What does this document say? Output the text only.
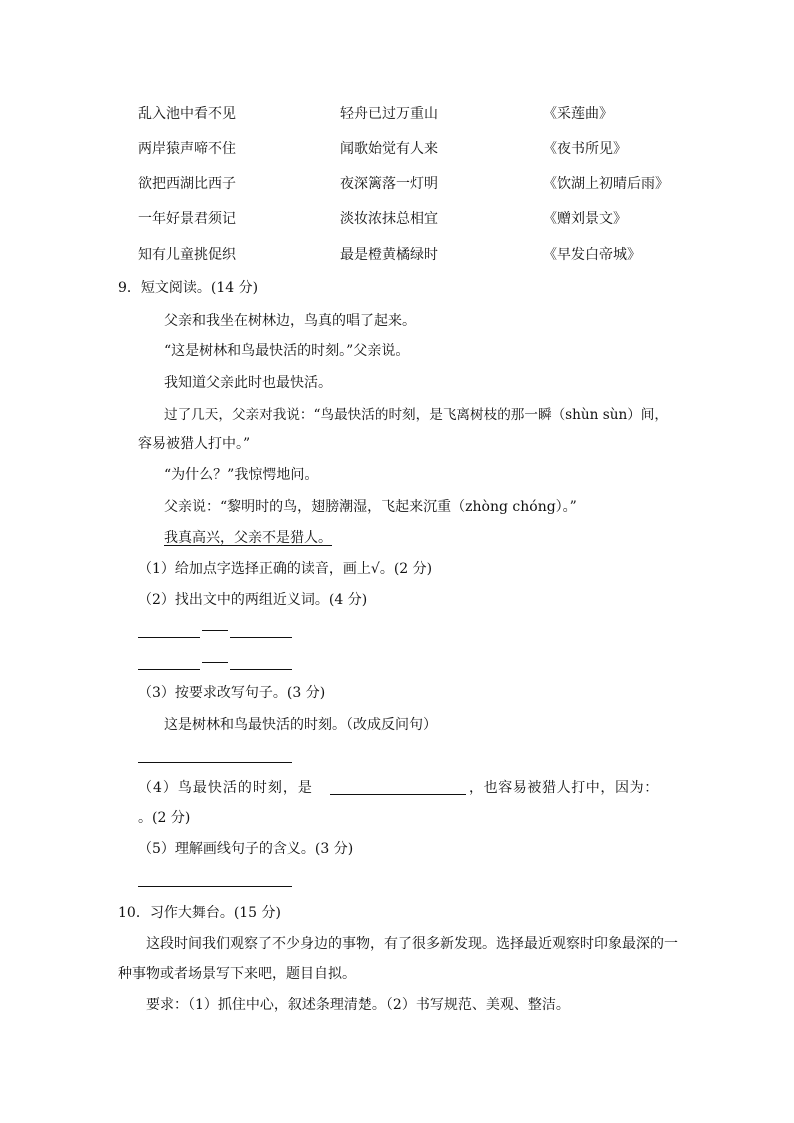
乱入池中看不见	轻舟已过万重山	《采莲曲》
两岸猿声啼不住	闻歌始觉有人来	《夜书所见》
欲把西湖比西子	夜深篱落一灯明	《饮湖上初晴后雨》
一年好景君须记	淡妆浓抹总相宜	《赠刘景文》
知有儿童挑促织	最是橙黄橘绿时	《早发白帝城》
9．短文阅读。(14 分)
父亲和我坐在树林边，鸟真的唱了起来。
“这是树林和鸟最快活的时刻。”父亲说。
我知道父亲此时也最快活。
过了几天，父亲对我说：“鸟最快活的时刻，是飞离树枝的那一瞬（shùn sùn）间，
容易被猎人打中。”
“为什么？”我惊愕地问。
父亲说：“黎明时的鸟，翅膀潮湿，飞起来沉重（zhòng chóng）。”
我真高兴，父亲不是猎人。
（1）给加点字选择正确的读音，画上√。(2 分)
（2）找出文中的两组近义词。(4 分)
（3）按要求改写句子。(3 分)
这是树林和鸟最快活的时刻。（改成反问句）
（4）鸟最快活的时刻，是	，也容易被猎人打中，因为：
。(2 分)
（5）理解画线句子的含义。(3 分)
10．习作大舞台。(15 分)
这段时间我们观察了不少身边的事物，有了很多新发现。选择最近观察时印象最深的一
种事物或者场景写下来吧，题目自拟。
要求：（1）抓住中心，叙述条理清楚。（2）书写规范、美观、整洁。
